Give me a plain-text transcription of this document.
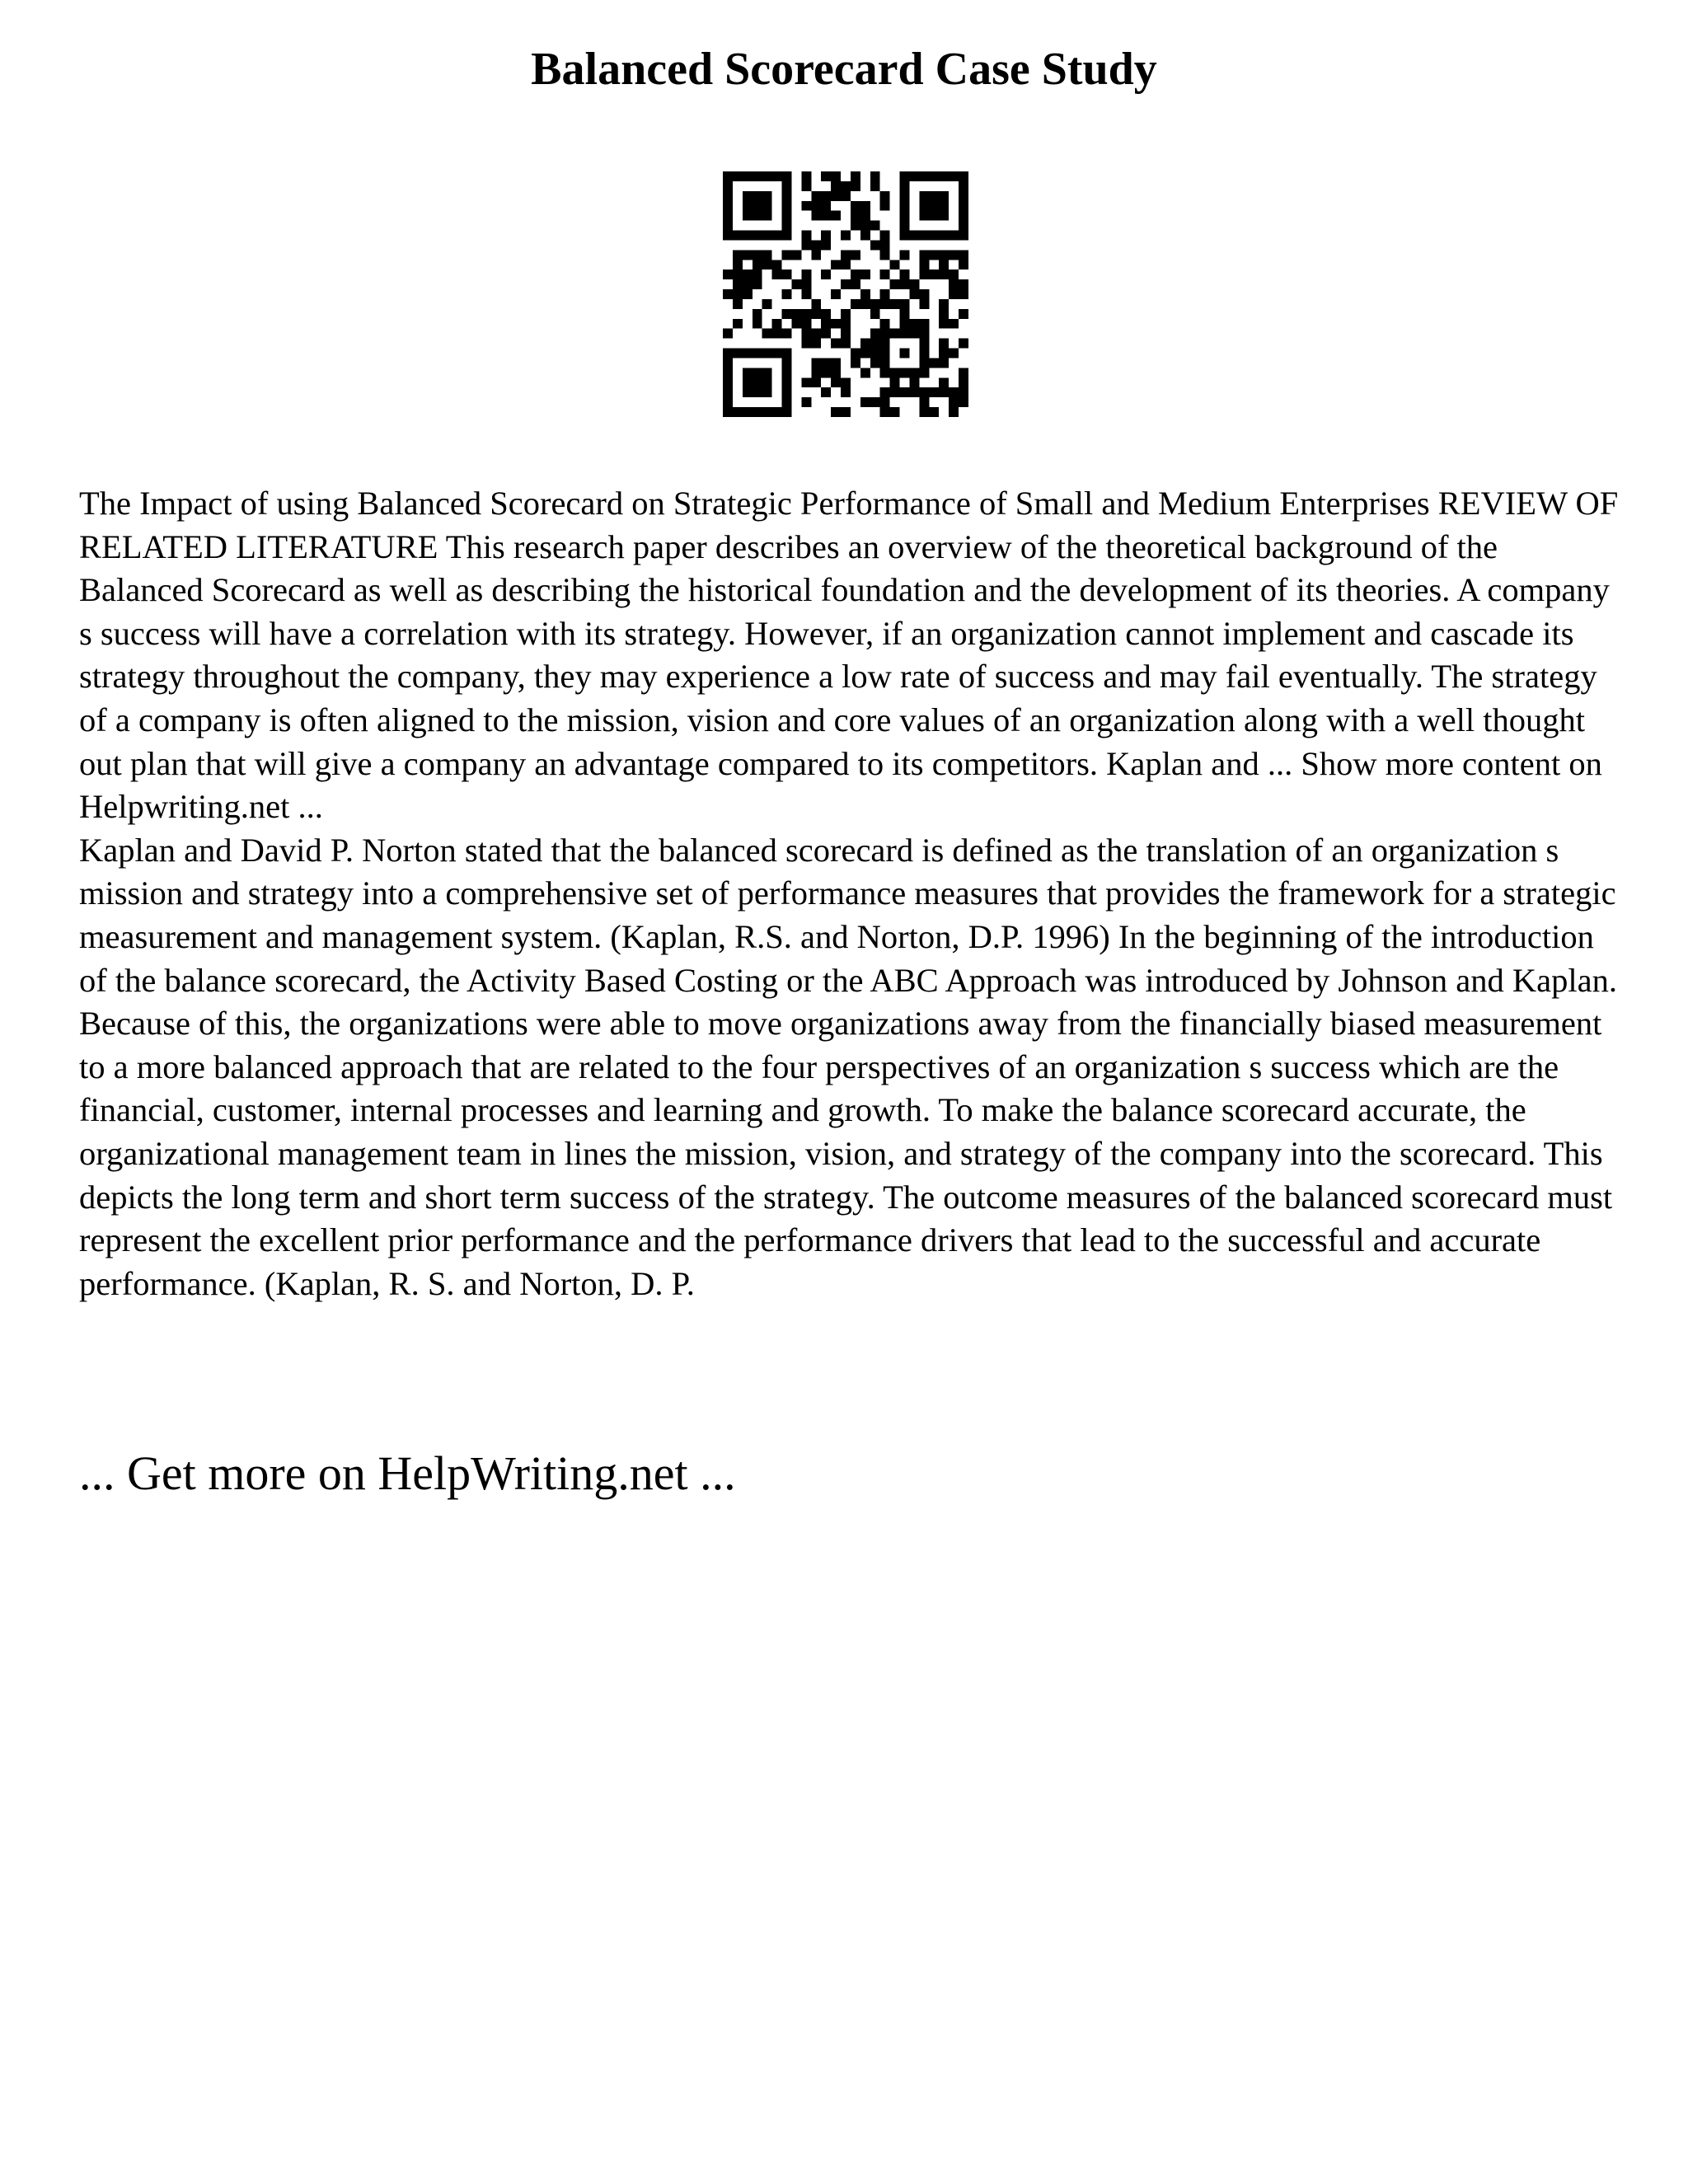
Balanced Scorecard Case Study

The Impact of using Balanced Scorecard on Strategic Performance of Small and Medium Enterprises REVIEW OF RELATED LITERATURE This research paper describes an overview of the theoretical background of the Balanced Scorecard as well as describing the historical foundation and the development of its theories. A company s success will have a correlation with its strategy. However, if an organization cannot implement and cascade its strategy throughout the company, they may experience a low rate of success and may fail eventually. The strategy of a company is often aligned to the mission, vision and core values of an organization along with a well thought out plan that will give a company an advantage compared to its competitors. Kaplan and ... Show more content on Helpwriting.net ...

Kaplan and David P. Norton stated that the balanced scorecard is defined as the translation of an organization s mission and strategy into a comprehensive set of performance measures that provides the framework for a strategic measurement and management system. (Kaplan, R.S. and Norton, D.P. 1996) In the beginning of the introduction of the balance scorecard, the Activity Based Costing or the ABC Approach was introduced by Johnson and Kaplan. Because of this, the organizations were able to move organizations away from the financially biased measurement to a more balanced approach that are related to the four perspectives of an organization s success which are the financial, customer, internal processes and learning and growth. To make the balance scorecard accurate, the organizational management team in lines the mission, vision, and strategy of the company into the scorecard. This depicts the long term and short term success of the strategy. The outcome measures of the balanced scorecard must represent the excellent prior performance and the performance drivers that lead to the successful and accurate performance. (Kaplan, R. S. and Norton, D. P.

... Get more on HelpWriting.net ...
